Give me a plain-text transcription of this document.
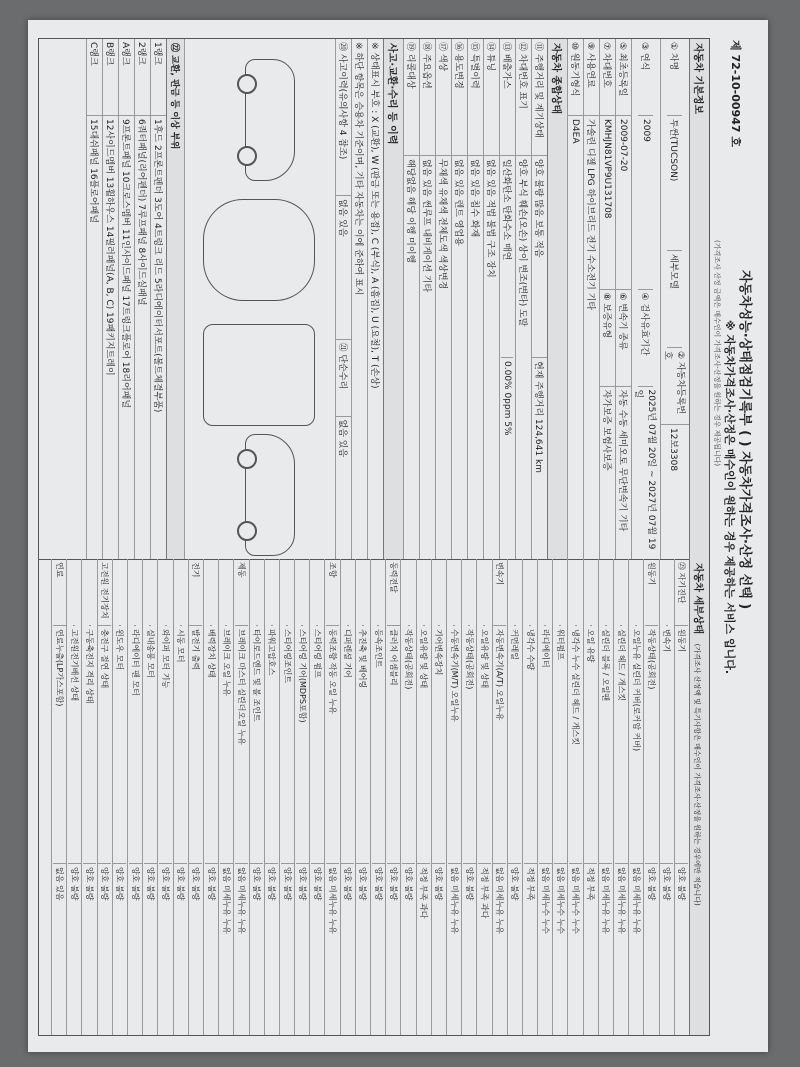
제 72-10-00947 호
자동차성능·상태점검기록부 ( ) 자동차가격조사·산정 선택 )
※ 자동차가격조사·산정은 매수인이 원하는 경우 제공하는 서비스 입니다.
(가격조사 산정 금액은 매수인이 가격조사·산정을 원하는 경우 제공됩니다)
자동차 기본정보
① 차명
투싼(TUCSON)
세부모델
② 자동차등록번호
12보3308
③ 연식
2009
④ 검사유효기간
2025년 07월 20일 ~ 2027년 07월 19일
⑤ 최초등록일
2009-07-20
⑥ 변속기 종류
자동 수동 세미오토 무단변속기 기타
⑦ 차대번호
KMHJN81VP9U131708
⑧ 보증유형
자가보증 보험사보증
⑨ 사용연료
가솔린 디젤 LPG 하이브리드 전기 수소전기 기타
⑩ 원동기형식
D4EA
자동차 종합상태
⑪ 주행거리 및 계기상태
양호 불량 많음 보통 적음
현재 주행거리 124,641 km
⑫ 차대번호 표기
양호 부식 훼손(오손) 상이 변조(변타) 도말
⑬ 배출가스
일산화탄소 탄화수소 매연
0.00% 0ppm 5%
⑭ 튜닝
없음 있음 적법 불법 구조 장치
⑮ 특별이력
없음 있음 침수 화재
⑯ 용도변경
없음 있음 렌트 영업용
⑰ 색상
무채색 유채색 전체도색 색상변경
⑱ 주요옵션
없음 있음 썬루프 내비게이션 기타
⑲ 리콜대상
해당없음 해당 이행 미이행
사고·교환·수리 등 이력
※ 상태표시 부호 : X (교환), W (판금 또는 용접), C (부식), A (흠집), U (요철), T (손상)
※ 하단 항목은 승용차 기준이며, 기타 자동차는 이에 준하여 표시
⑳ 사고이력(유의사항 4 참조)
없음 있음
㉑ 단순수리
없음 있음
㉒ 교환, 판금 등 이상 부위
1랭크
1후드 2프론트펜더 3도어 4트렁크 리드 5라디에이터서포트(볼트체결부품)
2랭크
6쿼터패널(리어펜더) 7루프패널 8사이드실패널
A랭크
9프론트패널 10크로스멤버 11인사이드패널 17트렁크플로어 18리어패널
B랭크
12사이드멤버 13휠하우스 14필러패널(A, B, C) 19패키지트레이
C랭크
15대쉬패널 16플로어패널
자동차 세부상태 (가격조사 산정액 및 특기사항은 매수인이 가격조사·산정을 원하는 경우에만 적습니다)
㉓ 자기진단
원동기
양호 불량
변속기
양호 불량
원동기
작동상태(공회전)
양호 불량
오일누유 실린더 커버(로커암 커버)
없음 미세누유 누유
실린더 헤드 / 개스킷
없음 미세누유 누유
실린더 블록 / 오일팬
없음 미세누유 누유
오일 유량
적정 부족
냉각수 누수 실린더 헤드 / 개스킷
없음 미세누수 누수
워터펌프
없음 미세누수 누수
라디에이터
없음 미세누수 누수
냉각수 수량
적정 부족
커먼레일
양호 불량
변속기
자동변속기(A/T) 오일누유
없음 미세누유 누유
오일유량 및 상태
적정 부족 과다
작동상태(공회전)
양호 불량
수동변속기(M/T) 오일누유
없음 미세누유 누유
기어변속장치
양호 불량
오일유량 및 상태
적정 부족 과다
작동상태(공회전)
양호 불량
동력전달
클러치 어셈블리
양호 불량
등속조인트
양호 불량
추진축 및 베어링
양호 불량
디퍼렌셜 기어
양호 불량
조향
동력조향 작동 오일 누유
없음 미세누유 누유
스티어링 펌프
양호 불량
스티어링 기어(MDPS포함)
양호 불량
스티어링조인트
양호 불량
파워고압호스
양호 불량
타이로드엔드 및 볼 조인트
양호 불량
제동
브레이크 마스터 실린더오일 누유
없음 미세누유 누유
브레이크 오일 누유
없음 미세누유 누유
배력장치 상태
양호 불량
전기
발전기 출력
양호 불량
시동 모터
양호 불량
와이퍼 모터 기능
양호 불량
실내송풍 모터
양호 불량
라디에이터 팬 모터
양호 불량
윈도우 모터
양호 불량
고전원 전기장치
충전구 절연 상태
양호 불량
구동축전지 격리 상태
양호 불량
고전원전기배선 상태
양호 불량
연료
연료누출(LP가스포함)
없음 있음
